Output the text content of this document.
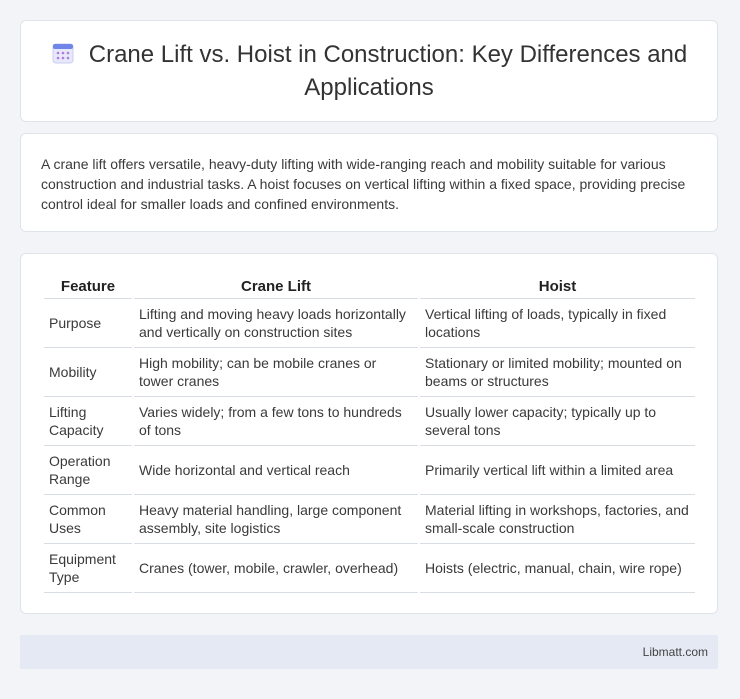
Crane Lift vs. Hoist in Construction: Key Differences and Applications
A crane lift offers versatile, heavy-duty lifting with wide-ranging reach and mobility suitable for various construction and industrial tasks. A hoist focuses on vertical lifting within a fixed space, providing precise control ideal for smaller loads and confined environments.
Feature	Crane Lift	Hoist
Purpose	Lifting and moving heavy loads horizontally and vertically on construction sites	Vertical lifting of loads, typically in fixed locations
Mobility	High mobility; can be mobile cranes or tower cranes	Stationary or limited mobility; mounted on beams or structures
Lifting Capacity	Varies widely; from a few tons to hundreds of tons	Usually lower capacity; typically up to several tons
Operation Range	Wide horizontal and vertical reach	Primarily vertical lift within a limited area
Common Uses	Heavy material handling, large component assembly, site logistics	Material lifting in workshops, factories, and small-scale construction
Equipment Type	Cranes (tower, mobile, crawler, overhead)	Hoists (electric, manual, chain, wire rope)
Libmatt.com
